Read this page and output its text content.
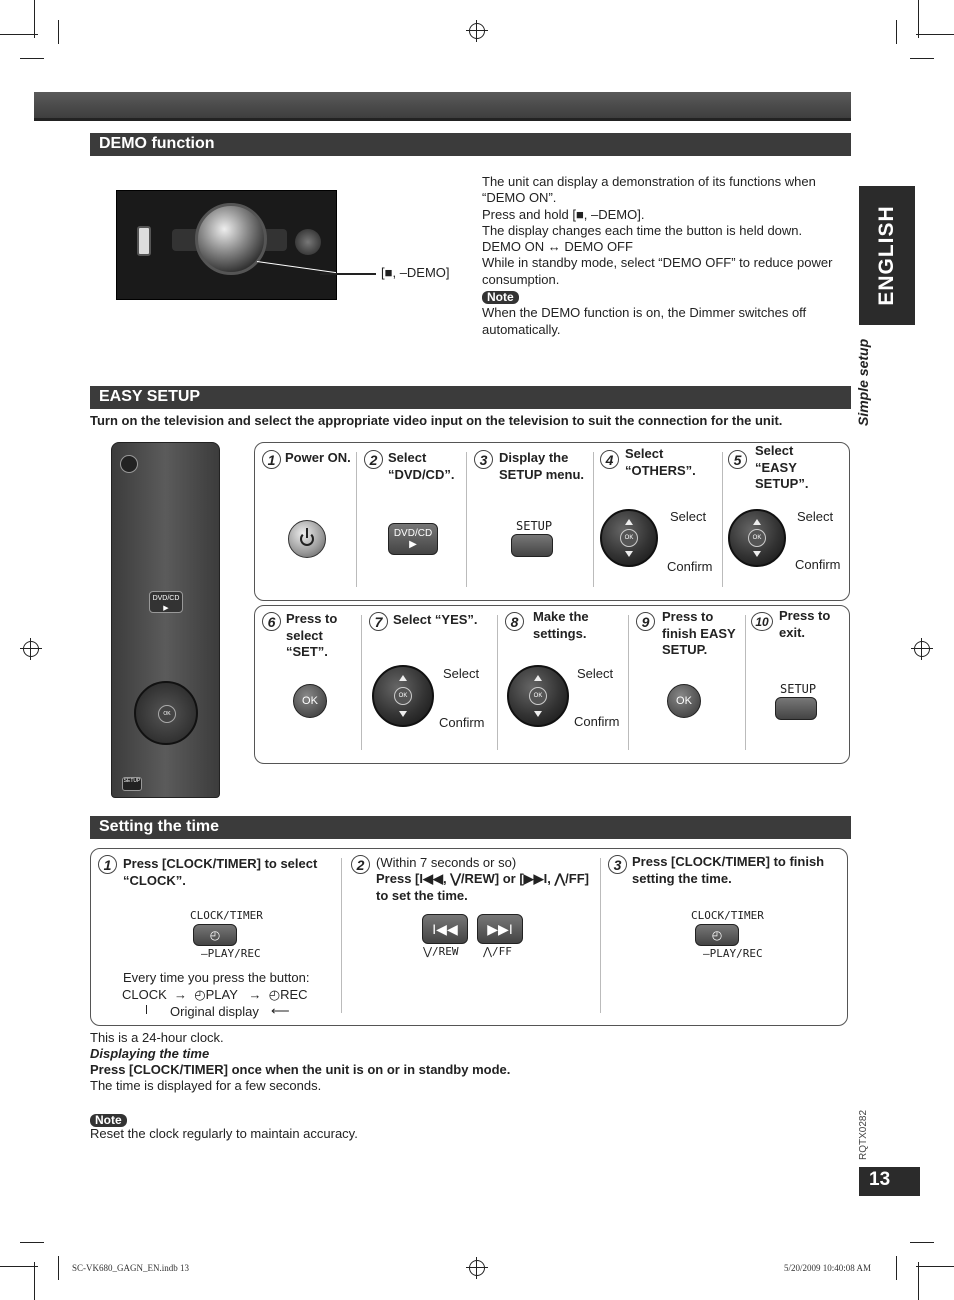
ENGLISH
Simple setup
RQTX0282
13
DEMO function
[■, –DEMO]
The unit can display a demonstration of its functions when
“DEMO ON”.
Press and hold [■, –DEMO].
The display changes each time the button is held down.
DEMO ON ↔ DEMO OFF
While in standby mode, select “DEMO OFF” to reduce power
consumption.
Note
When the DEMO function is on, the Dimmer switches off
automatically.
EASY SETUP
Turn on the television and select the appropriate video input on the television to suit the connection for the unit.
DVD/CD
▶
OK
SETUP
1 Power ON.	2 Select
“DVD/CD”.
DVD/CD
▶
3 Display the
SETUP menu.
SETUP
4 Select
“OTHERS”.
OK
Select
Confirm
5
Select
“EASY
SETUP”.
OK
Select
Confirm
6 Press to
select
“SET”.
OK
7 Select “YES”.
OK
Select
Confirm
8	Make the
settings.
OK
Select
Confirm
9 Press to
finish EASY
SETUP.
OK
10 Press to
exit.
SETUP
Setting the time
1 Press [CLOCK/TIMER] to select
“CLOCK”.
CLOCK/TIMER
◴
–PLAY/REC
Every time you press the button:
CLOCK → ◴PLAY → ◴REC
Original display ⟵
2 (Within 7 seconds or so)
Press [I◀◀, ⋁/REW] or [▶▶I, ⋀/FF]
to set the time.
I◀◀ ▶▶I
⋁/REW ⋀/FF
3 Press [CLOCK/TIMER] to finish
setting the time.
CLOCK/TIMER
◴
–PLAY/REC
This is a 24-hour clock.
Displaying the time
Press [CLOCK/TIMER] once when the unit is on or in standby mode.
The time is displayed for a few seconds.
Note
Reset the clock regularly to maintain accuracy.
SC-VK680_GAGN_EN.indb 13	5/20/2009 10:40:08 AM
